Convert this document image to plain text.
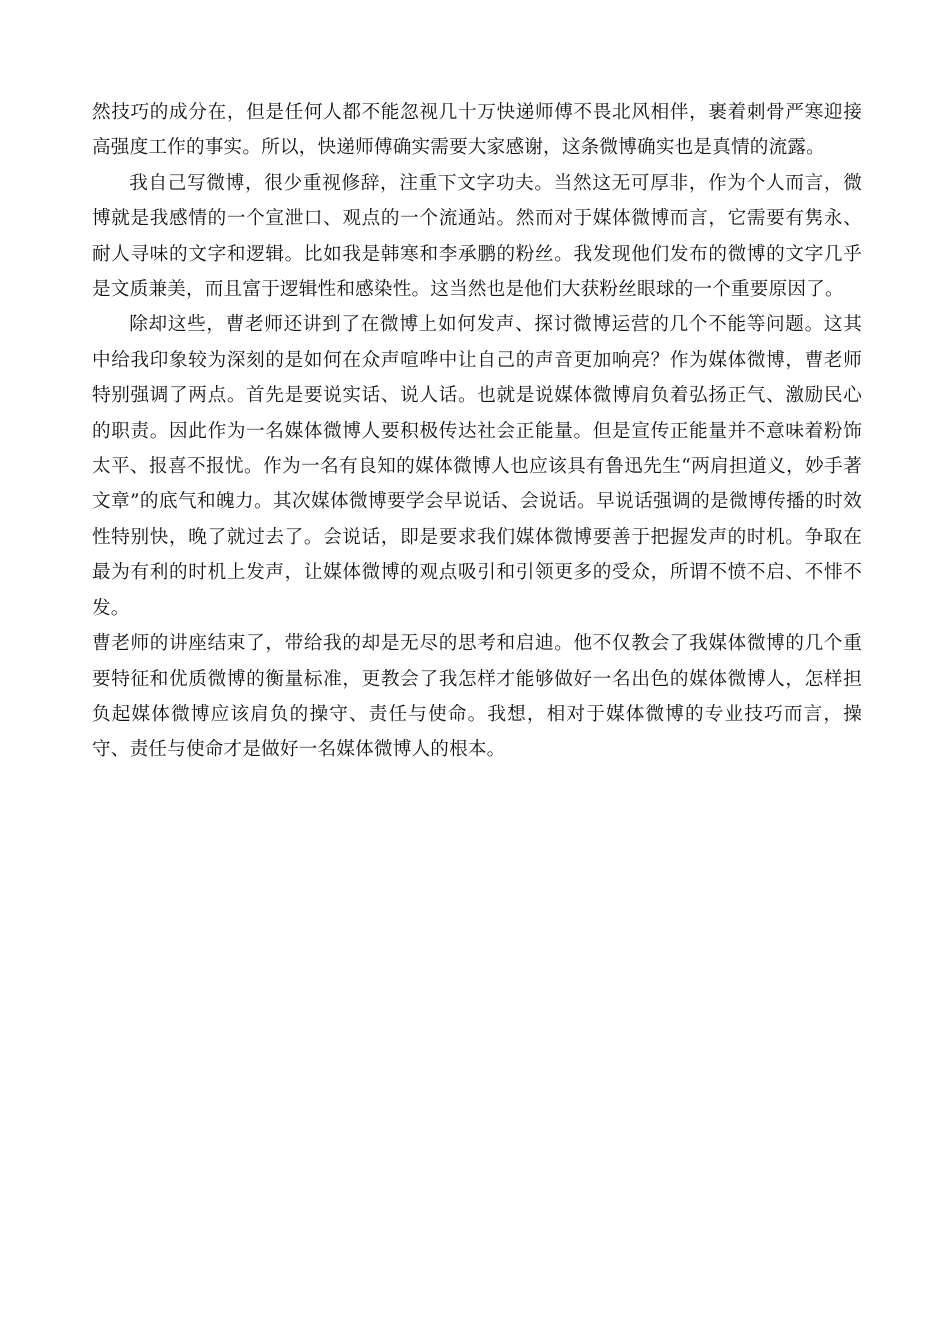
然技巧的成分在，但是任何人都不能忽视几十万快递师傅不畏北风相伴，裹着刺骨严寒迎接高强度工作的事实。所以，快递师傅确实需要大家感谢，这条微博确实也是真情的流露。

我自己写微博，很少重视修辞，注重下文字功夫。当然这无可厚非，作为个人而言，微博就是我感情的一个宣泄口、观点的一个流通站。然而对于媒体微博而言，它需要有隽永、耐人寻味的文字和逻辑。比如我是韩寒和李承鹏的粉丝。我发现他们发布的微博的文字几乎是文质兼美，而且富于逻辑性和感染性。这当然也是他们大获粉丝眼球的一个重要原因了。

除却这些，曹老师还讲到了在微博上如何发声、探讨微博运营的几个不能等问题。这其中给我印象较为深刻的是如何在众声喧哗中让自己的声音更加响亮？作为媒体微博，曹老师特别强调了两点。首先是要说实话、说人话。也就是说媒体微博肩负着弘扬正气、激励民心的职责。因此作为一名媒体微博人要积极传达社会正能量。但是宣传正能量并不意味着粉饰太平、报喜不报忧。作为一名有良知的媒体微博人也应该具有鲁迅先生“两肩担道义，妙手著文章”的底气和魄力。其次媒体微博要学会早说话、会说话。早说话强调的是微博传播的时效性特别快，晚了就过去了。会说话，即是要求我们媒体微博要善于把握发声的时机。争取在最为有利的时机上发声，让媒体微博的观点吸引和引领更多的受众，所谓不愤不启、不悱不发。

曹老师的讲座结束了，带给我的却是无尽的思考和启迪。他不仅教会了我媒体微博的几个重要特征和优质微博的衡量标准，更教会了我怎样才能够做好一名出色的媒体微博人，怎样担负起媒体微博应该肩负的操守、责任与使命。我想，相对于媒体微博的专业技巧而言，操守、责任与使命才是做好一名媒体微博人的根本。
